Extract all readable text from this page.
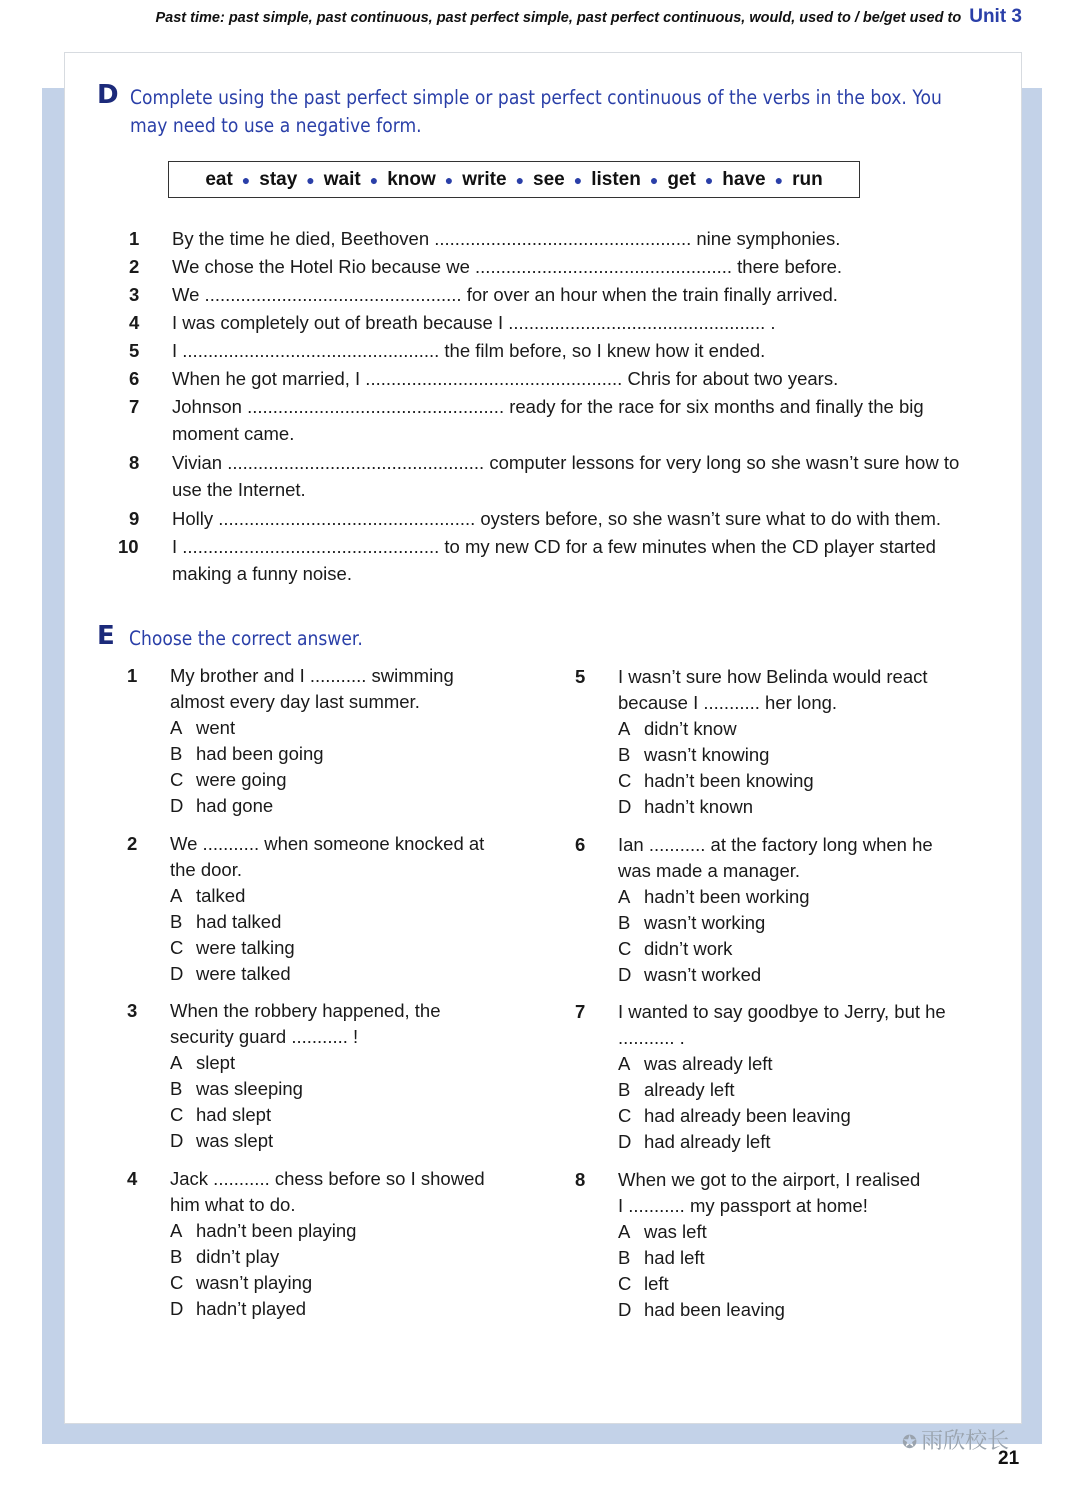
Past time: past simple, past continuous, past perfect simple, past perfect continuous, would, used to / be/get used to Unit 3
D Complete using the past perfect simple or past perfect continuous of the verbs in the box. You
may need to use a negative form.
eat ● stay ● wait ● know ● write ● see ● listen ● get ● have ● run
1	By the time he died, Beethoven .................................................. nine symphonies.
2	We chose the Hotel Rio because we .................................................. there before.
3	We .................................................. for over an hour when the train finally arrived.
4	I was completely out of breath because I .................................................. .
5	I .................................................. the film before, so I knew how it ended.
6	When he got married, I .................................................. Chris for about two years.
7	Johnson .................................................. ready for the race for six months and finally the big
moment came.
8	Vivian .................................................. computer lessons for very long so she wasn’t sure how to
use the Internet.
9	Holly .................................................. oysters before, so she wasn’t sure what to do with them.
10	I .................................................. to my new CD for a few minutes when the CD player started
making a funny noise.
E Choose the correct answer.
1 My brother and I ........... swimming
almost every day last summer.
A went
B had been going
C were going
D had gone
2 We ........... when someone knocked at
the door.
A talked
B had talked
C were talking
D were talked
3 When the robbery happened, the
security guard ........... !
A slept
B was sleeping
C had slept
D was slept
4 Jack ........... chess before so I showed
him what to do.
A hadn’t been playing
B didn’t play
C wasn’t playing
D hadn’t played
5 I wasn’t sure how Belinda would react
because I ........... her long.
A didn’t know
B wasn’t knowing
C hadn’t been knowing
D hadn’t known
6 Ian ........... at the factory long when he
was made a manager.
A hadn’t been working
B wasn’t working
C didn’t work
D wasn’t worked
7 I wanted to say goodbye to Jerry, but he
........... .
A was already left
B already left
C had already been leaving
D had already left
8 When we got to the airport, I realised
I ........... my passport at home!
A was left
B had left
C left
D had been leaving
✪ 雨欣校长
21
